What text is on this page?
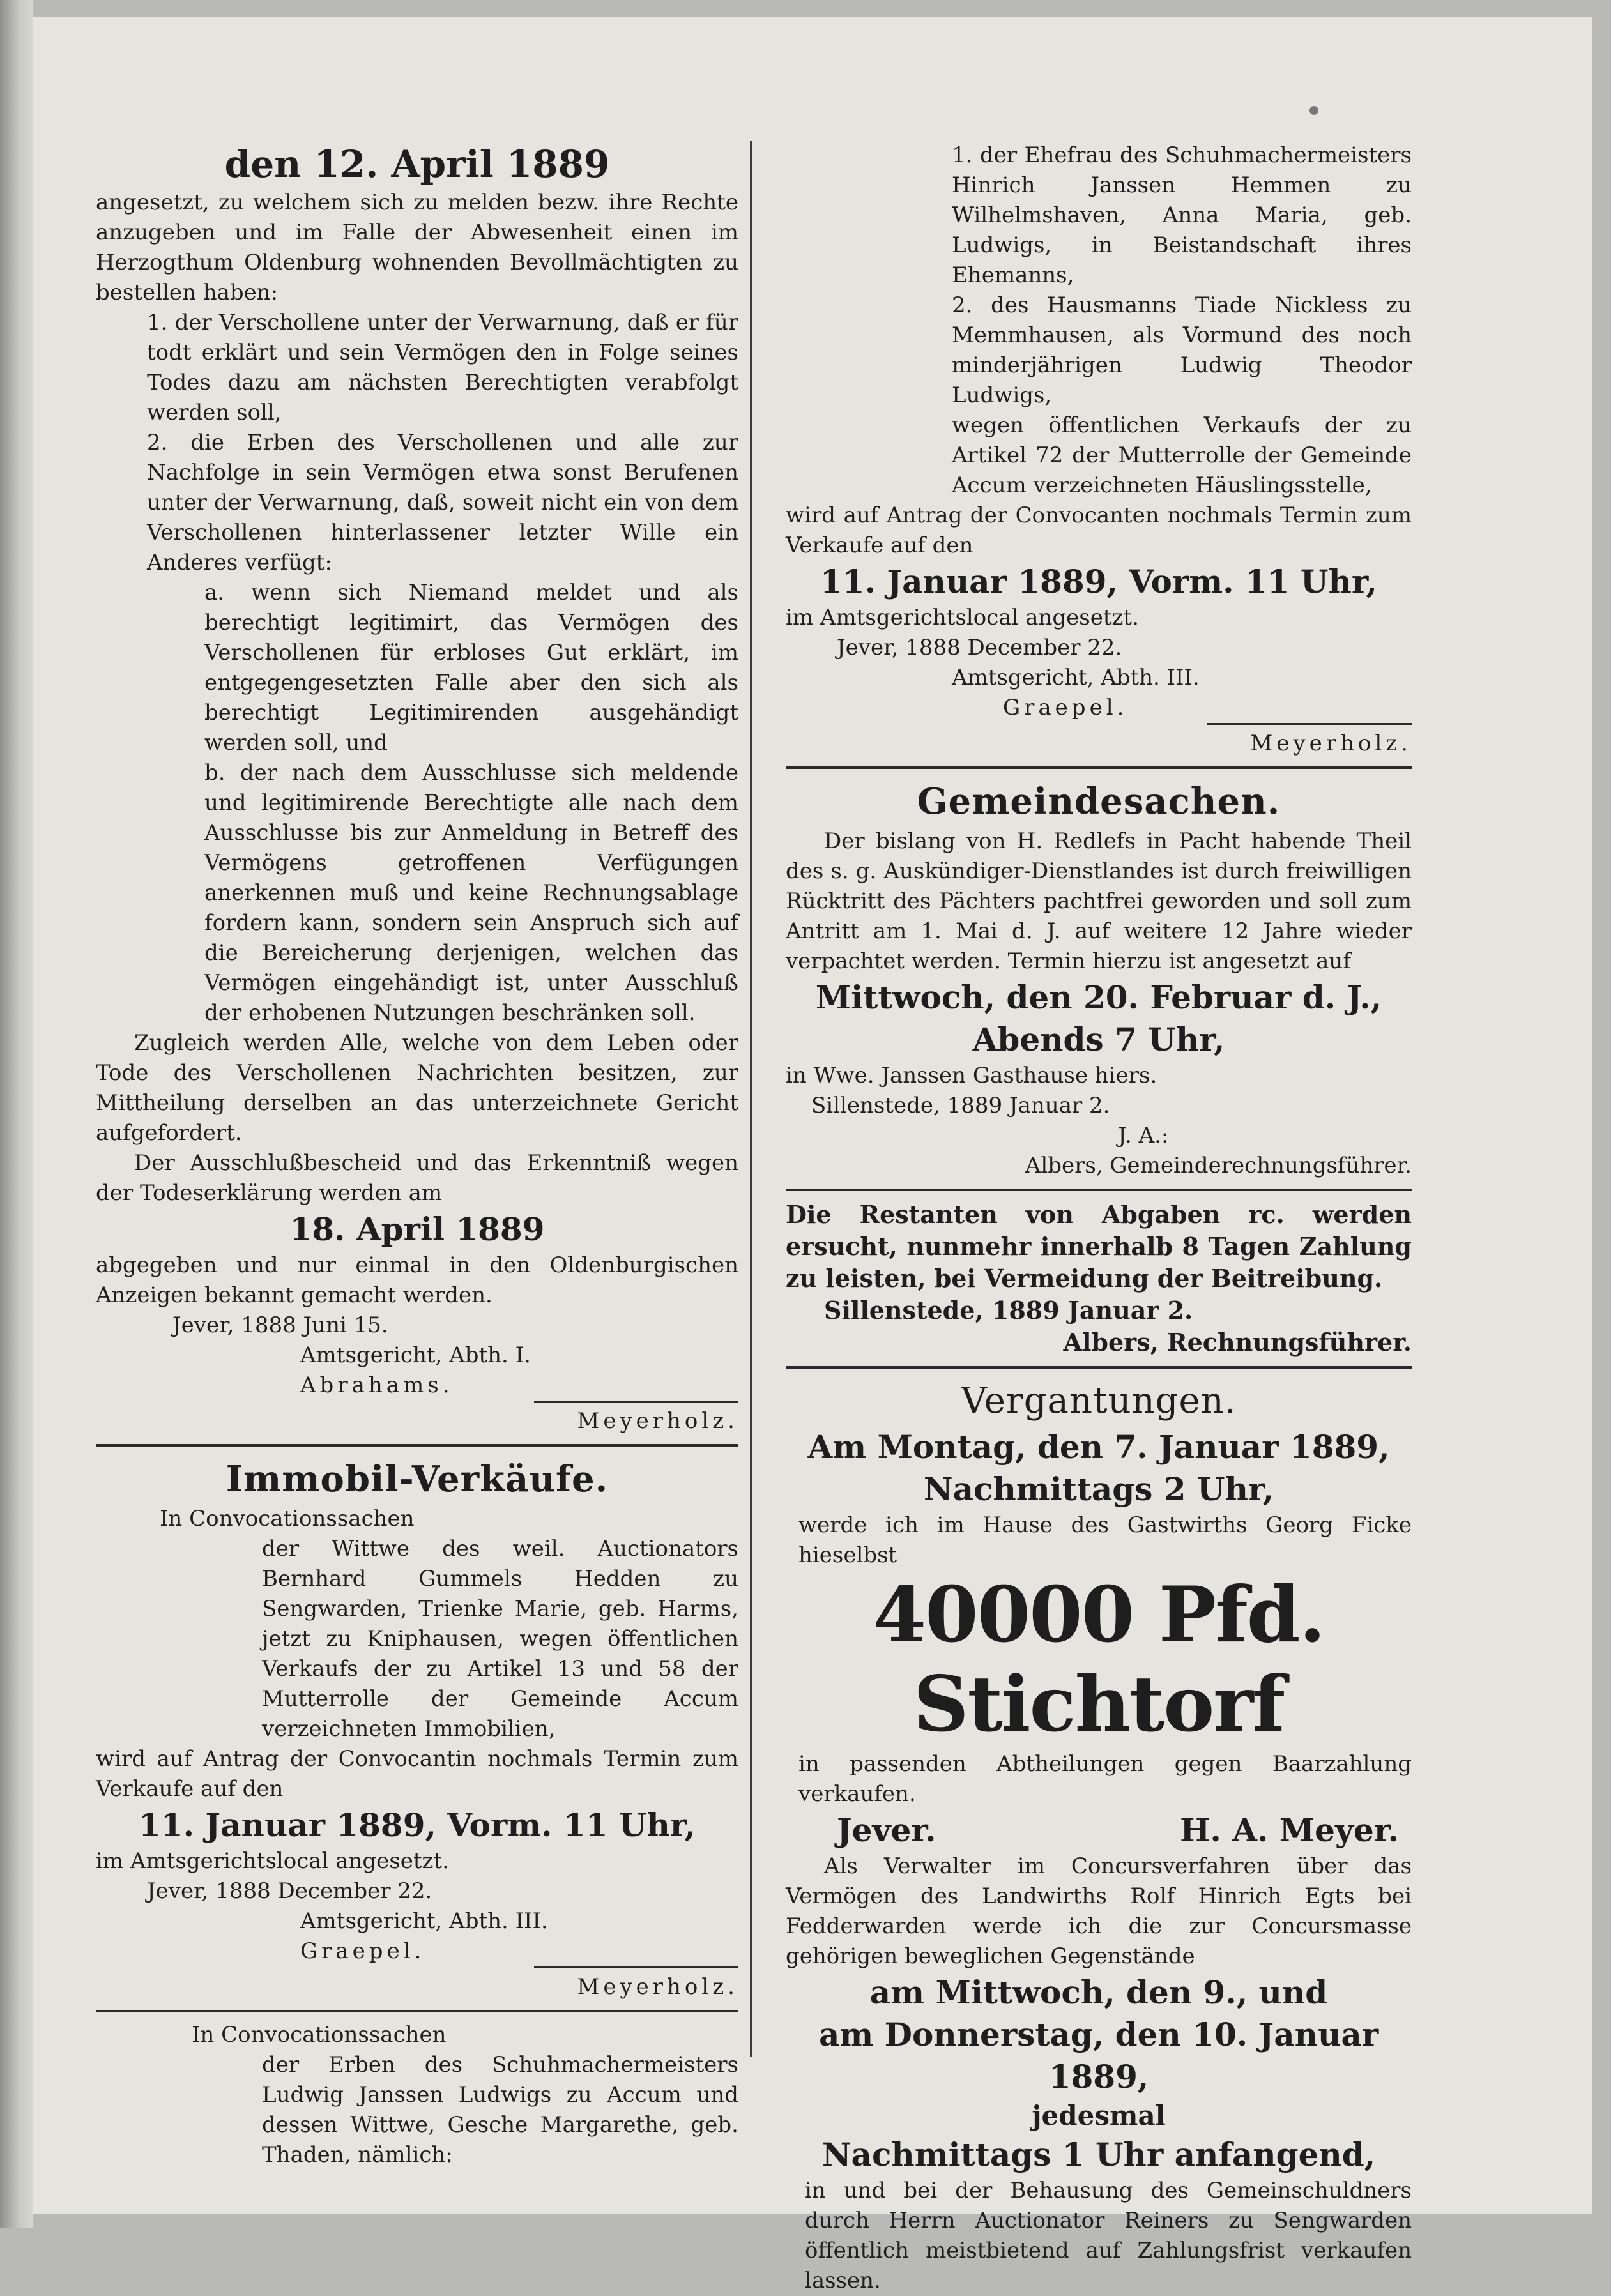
den 12. April 1889

angesetzt, zu welchem sich zu melden bezw. ihre Rechte anzugeben und im Falle der Abwesenheit einen im Herzogthum Oldenburg wohnenden Bevollmächtigten zu bestellen haben:

1. der Verschollene unter der Verwarnung, daß er für todt erklärt und sein Vermögen den in Folge seines Todes dazu am nächsten Berechtigten verabfolgt werden soll,

2. die Erben des Verschollenen und alle zur Nachfolge in sein Vermögen etwa sonst Berufenen unter der Verwarnung, daß, soweit nicht ein von dem Verschollenen hinterlassener letzter Wille ein Anderes verfügt:

a. wenn sich Niemand meldet und als berechtigt legitimirt, das Vermögen des Verschollenen für erbloses Gut erklärt, im entgegengesetzten Falle aber den sich als berechtigt Legitimirenden ausgehändigt werden soll, und

b. der nach dem Ausschlusse sich meldende und legitimirende Berechtigte alle nach dem Ausschlusse bis zur Anmeldung in Betreff des Vermögens getroffenen Verfügungen anerkennen muß und keine Rechnungsablage fordern kann, sondern sein Anspruch sich auf die Bereicherung derjenigen, welchen das Vermögen eingehändigt ist, unter Ausschluß der erhobenen Nutzungen beschränken soll.

Zugleich werden Alle, welche von dem Leben oder Tode des Verschollenen Nachrichten besitzen, zur Mittheilung derselben an das unterzeichnete Gericht aufgefordert.

Der Ausschlußbescheid und das Erkenntniß wegen der Todeserklärung werden am

18. April 1889

abgegeben und nur einmal in den Oldenburgischen Anzeigen bekannt gemacht werden.

Jever, 1888 Juni 15.

Amtsgericht, Abth. I.

Abrahams.

Meyerholz.

Immobil-Verkäufe.

In Convocationssachen

der Wittwe des weil. Auctionators Bernhard Gummels Hedden zu Sengwarden, Trienke Marie, geb. Harms, jetzt zu Kniphausen, wegen öffentlichen Verkaufs der zu Artikel 13 und 58 der Mutterrolle der Gemeinde Accum verzeichneten Immobilien,

wird auf Antrag der Convocantin nochmals Termin zum Verkaufe auf den

11. Januar 1889, Vorm. 11 Uhr,

im Amtsgerichtslocal angesetzt.

Jever, 1888 December 22.

Amtsgericht, Abth. III.

Graepel.

Meyerholz.

In Convocationssachen

der Erben des Schuhmachermeisters Ludwig Janssen Ludwigs zu Accum und dessen Wittwe, Gesche Margarethe, geb. Thaden, nämlich:

1. der Ehefrau des Schuhmachermeisters Hinrich Janssen Hemmen zu Wilhelmshaven, Anna Maria, geb. Ludwigs, in Beistandschaft ihres Ehemanns,

2. des Hausmanns Tiade Nickless zu Memmhausen, als Vormund des noch minderjährigen Ludwig Theodor Ludwigs,

wegen öffentlichen Verkaufs der zu Artikel 72 der Mutterrolle der Gemeinde Accum verzeichneten Häuslingsstelle,

wird auf Antrag der Convocanten nochmals Termin zum Verkaufe auf den

11. Januar 1889, Vorm. 11 Uhr,

im Amtsgerichtslocal angesetzt.

Jever, 1888 December 22.

Amtsgericht, Abth. III.

Graepel.

Meyerholz.

Gemeindesachen.

Der bislang von H. Redlefs in Pacht habende Theil des s. g. Auskündiger-Dienstlandes ist durch freiwilligen Rücktritt des Pächters pachtfrei geworden und soll zum Antritt am 1. Mai d. J. auf weitere 12 Jahre wieder verpachtet werden. Termin hierzu ist angesetzt auf

Mittwoch, den 20. Februar d. J.,
Abends 7 Uhr,

in Wwe. Janssen Gasthause hiers.

Sillenstede, 1889 Januar 2.

J. A.:

Albers, Gemeinderechnungsführer.

Die Restanten von Abgaben rc. werden ersucht, nunmehr innerhalb 8 Tagen Zahlung zu leisten, bei Vermeidung der Beitreibung.

Sillenstede, 1889 Januar 2.

Albers, Rechnungsführer.

Vergantungen.
Am Montag, den 7. Januar 1889,
Nachmittags 2 Uhr,

werde ich im Hause des Gastwirths Georg Ficke hieselbst

40000 Pfd. Stichtorf

in passenden Abtheilungen gegen Baarzahlung verkaufen.

Jever.	H. A. Meyer.

Als Verwalter im Concursverfahren über das Vermögen des Landwirths Rolf Hinrich Egts bei Fedderwarden werde ich die zur Concursmasse gehörigen beweglichen Gegenstände

am Mittwoch, den 9., und
am Donnerstag, den 10. Januar 1889,
jedesmal
Nachmittags 1 Uhr anfangend,

in und bei der Behausung des Gemeinschuldners durch Herrn Auctionator Reiners zu Sengwarden öffentlich meistbietend auf Zahlungsfrist verkaufen lassen.
